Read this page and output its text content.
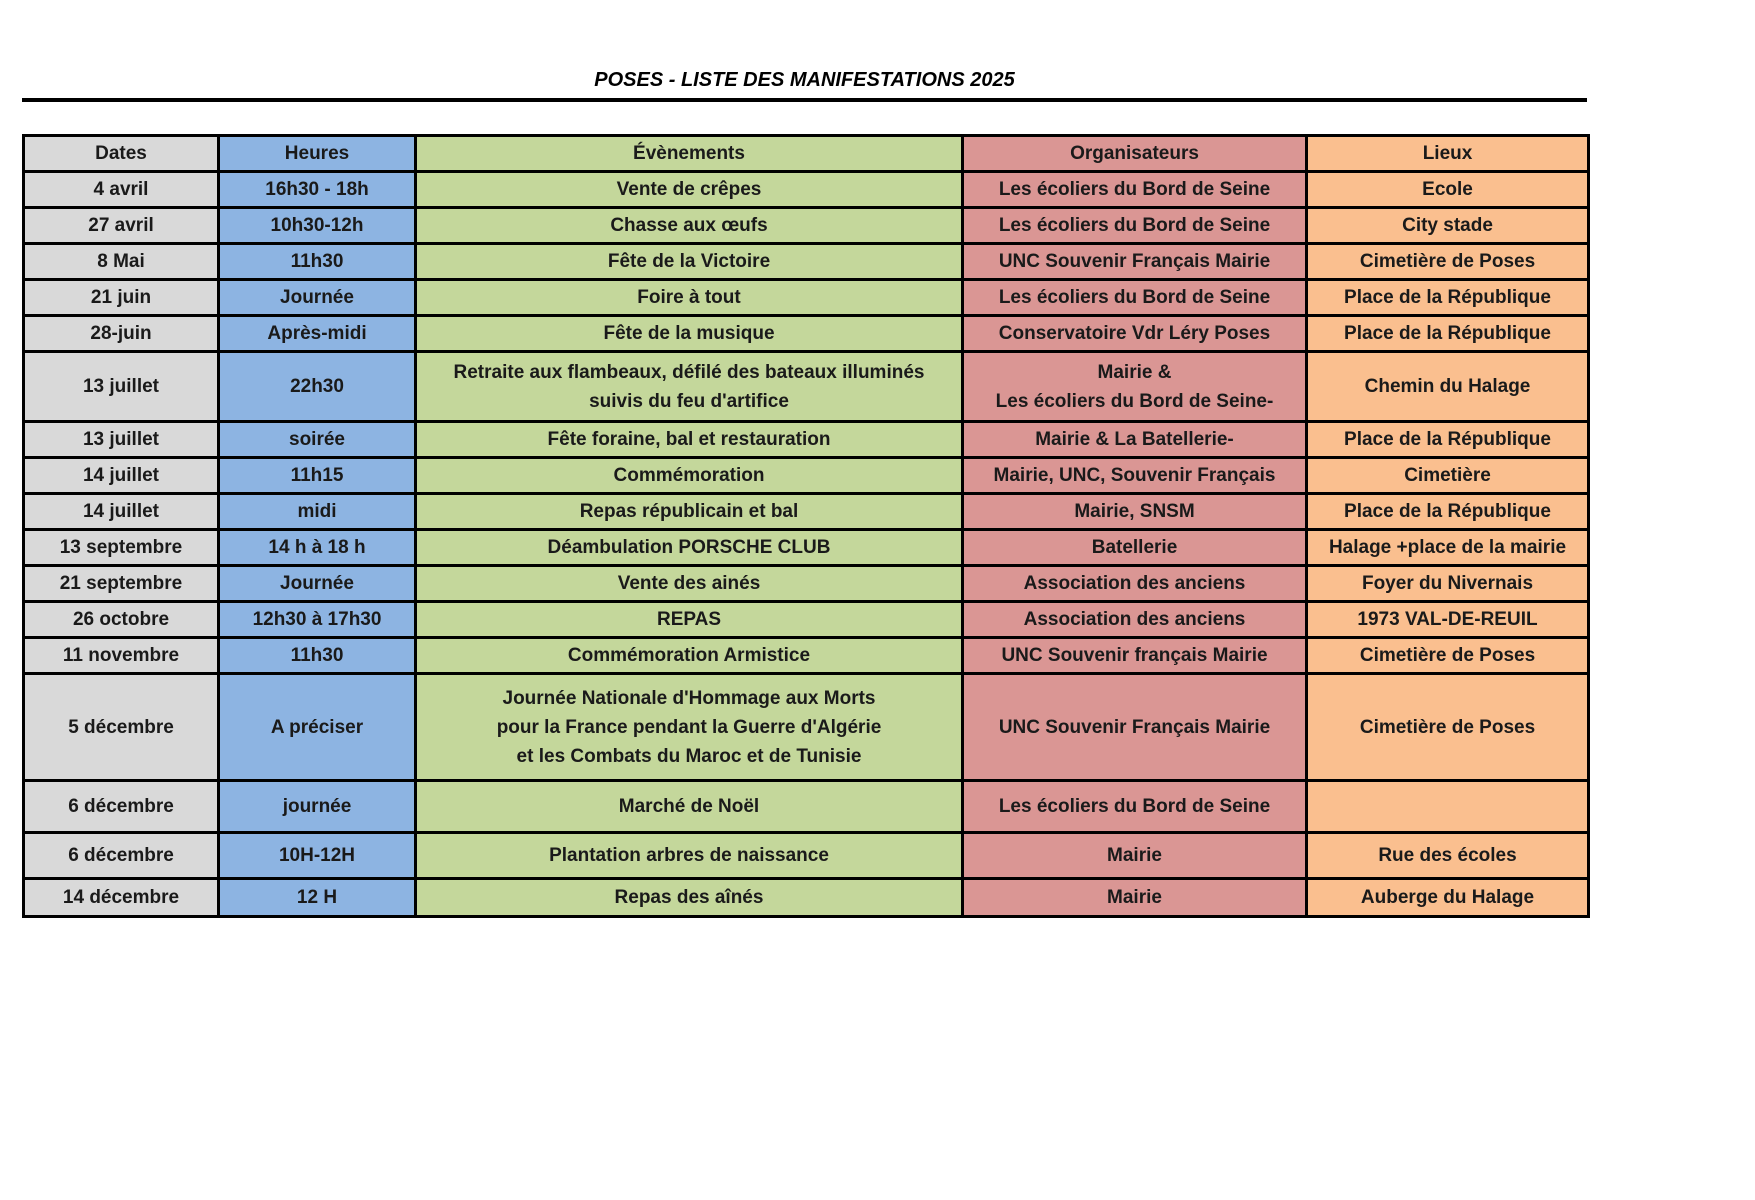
POSES - LISTE DES MANIFESTATIONS 2025
Dates	Heures	Évènements	Organisateurs	Lieux
4 avril	16h30 - 18h	Vente de crêpes	Les écoliers du Bord de Seine	Ecole
27 avril	10h30-12h	Chasse aux œufs	Les écoliers du Bord de Seine	City stade
8 Mai	11h30	Fête de la Victoire	UNC Souvenir Français Mairie	Cimetière de Poses
21 juin	Journée	Foire à tout	Les écoliers du Bord de Seine	Place de la République
28-juin	Après-midi	Fête de la musique	Conservatoire Vdr Léry Poses	Place de la République
13 juillet	22h30	Retraite aux flambeaux, défilé des bateaux illuminés
suivis du feu d'artifice	Mairie &
Les écoliers du Bord de Seine-	Chemin du Halage
13 juillet	soirée	Fête foraine, bal et restauration	Mairie & La Batellerie-	Place de la République
14 juillet	11h15	Commémoration	Mairie, UNC, Souvenir Français	Cimetière
14 juillet	midi	Repas républicain et bal	Mairie, SNSM	Place de la République
13 septembre	14 h à 18 h	Déambulation PORSCHE CLUB	Batellerie	Halage +place de la mairie
21 septembre	Journée	Vente des ainés	Association des anciens	Foyer du Nivernais
26 octobre	12h30 à 17h30	REPAS	Association des anciens	1973 VAL-DE-REUIL
11 novembre	11h30	Commémoration Armistice	UNC Souvenir français Mairie	Cimetière de Poses
5 décembre	A préciser	Journée Nationale d'Hommage aux Morts
pour la France pendant la Guerre d'Algérie
et les Combats du Maroc et de Tunisie	UNC Souvenir Français Mairie	Cimetière de Poses
6 décembre	journée	Marché de Noël	Les écoliers du Bord de Seine	
6 décembre	10H-12H	Plantation arbres de naissance	Mairie	Rue des écoles
14 décembre	12 H	Repas des aînés	Mairie	Auberge du Halage
